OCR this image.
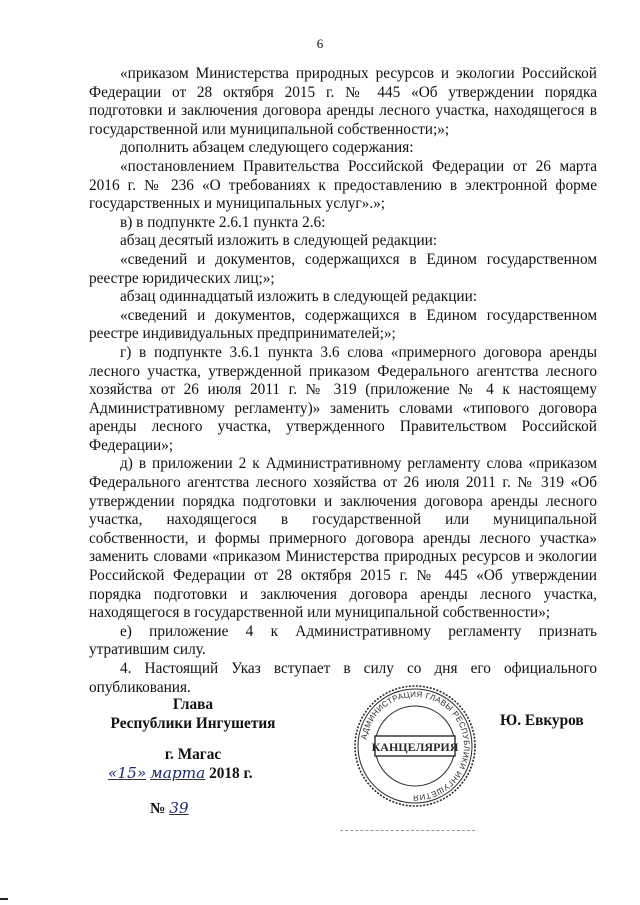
6

«приказом Министерства природных ресурсов и экологии Российской Федерации от 28 октября 2015 г. № 445 «Об утверждении порядка подготовки и заключения договора аренды лесного участка, находящегося в государственной или муниципальной собственности;»;

дополнить абзацем следующего содержания:

«постановлением Правительства Российской Федерации от 26 марта 2016 г. № 236 «О требованиях к предоставлению в электронной форме государственных и муниципальных услуг».»;

в) в подпункте 2.6.1 пункта 2.6:

абзац десятый изложить в следующей редакции:

«сведений и документов, содержащихся в Едином государственном реестре юридических лиц;»;

абзац одиннадцатый изложить в следующей редакции:

«сведений и документов, содержащихся в Едином государственном реестре индивидуальных предпринимателей;»;

г) в подпункте 3.6.1 пункта 3.6 слова «примерного договора аренды лесного участка, утвержденной приказом Федерального агентства лесного хозяйства от 26 июля 2011 г. № 319 (приложение № 4 к настоящему Административному регламенту)» заменить словами «типового договора аренды лесного участка, утвержденного Правительством Российской Федерации»;

д) в приложении 2 к Административному регламенту слова «приказом Федерального агентства лесного хозяйства от 26 июля 2011 г. № 319 «Об утверждении порядка подготовки и заключения договора аренды лесного участка, находящегося в государственной или муниципальной собственности, и формы примерного договора аренды лесного участка» заменить словами «приказом Министерства природных ресурсов и экологии Российской Федерации от 28 октября 2015 г. № 445 «Об утверждении порядка подготовки и заключения договора аренды лесного участка, находящегося в государственной или муниципальной собственности»;

е) приложение 4 к Административному регламенту признать утратившим силу.

4. Настоящий Указ вступает в силу со дня его официального опубликования.

Глава
Республики Ингушетия
г. Магас
«15» марта 2018 г.
№ 39
Ю. Евкуров
АДМИНИСТРАЦИЯ ГЛАВЫ РЕСПУБЛИКИ ИНГУШЕТИЯ
КАНЦЕЛЯРИЯ
